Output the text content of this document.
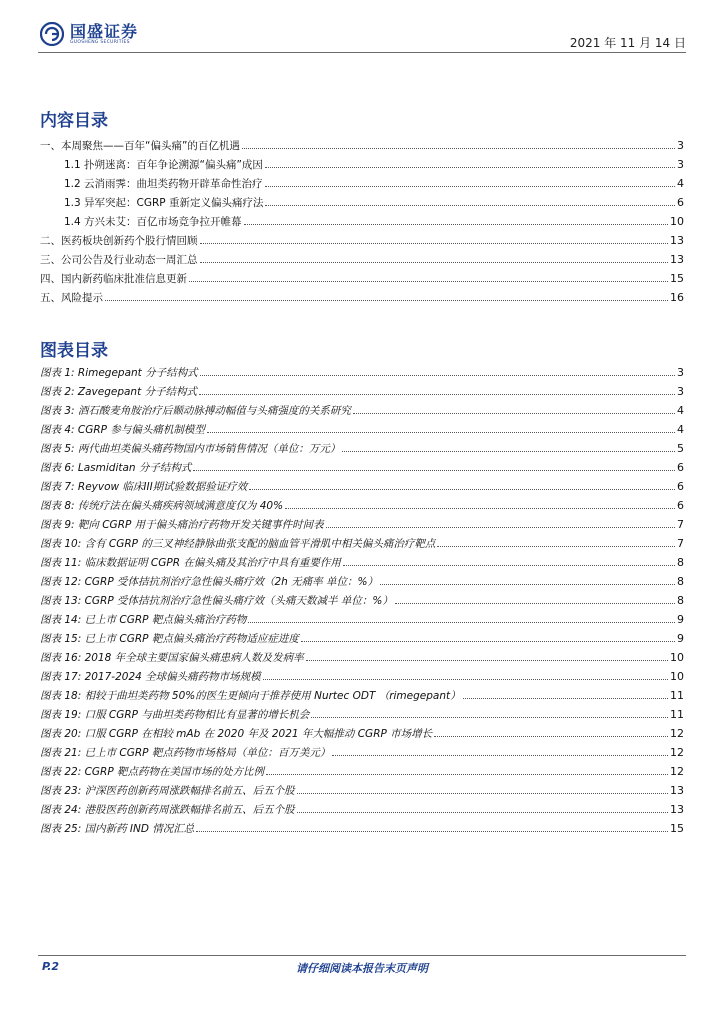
国盛证券
GUOSHENG SECURITIES	2021 年 11 月 14 日
内容目录
一、本周聚焦——百年“偏头痛”的百亿机遇	3
1.1 扑朔迷离：百年争论溯源“偏头痛”成因	3
1.2 云消雨霁：曲坦类药物开辟革命性治疗	4
1.3 异军突起：CGRP 重新定义偏头痛疗法	6
1.4 方兴未艾：百亿市场竞争拉开帷幕	10
二、医药板块创新药个股行情回顾	13
三、公司公告及行业动态一周汇总	13
四、国内新药临床批准信息更新	15
五、风险提示	16
图表目录
图表 1: Rimegepant 分子结构式	3
图表 2: Zavegepant 分子结构式	3
图表 3: 酒石酸麦角胺治疗后颞动脉搏动幅值与头痛强度的关系研究	4
图表 4: CGRP 参与偏头痛机制模型	4
图表 5: 两代曲坦类偏头痛药物国内市场销售情况（单位：万元）	5
图表 6: Lasmiditan 分子结构式	6
图表 7: Reyvow 临床III期试验数据验证疗效	6
图表 8: 传统疗法在偏头痛疾病领域满意度仅为 40%	6
图表 9: 靶向 CGRP 用于偏头痛治疗药物开发关键事件时间表	7
图表 10: 含有 CGRP 的三叉神经静脉曲张支配的脑血管平滑肌中相关偏头痛治疗靶点	7
图表 11: 临床数据证明 CGPR 在偏头痛及其治疗中具有重要作用	8
图表 12: CGRP 受体拮抗剂治疗急性偏头痛疗效（2h 无痛率 单位：%）	8
图表 13: CGRP 受体拮抗剂治疗急性偏头痛疗效（头痛天数减半 单位：%）	8
图表 14: 已上市 CGRP 靶点偏头痛治疗药物	9
图表 15: 已上市 CGRP 靶点偏头痛治疗药物适应症进度	9
图表 16: 2018 年全球主要国家偏头痛患病人数及发病率	10
图表 17: 2017-2024 全球偏头痛药物市场规模	10
图表 18: 相较于曲坦类药物 50%的医生更倾向于推荐使用 Nurtec ODT （rimegepant）	11
图表 19: 口服 CGRP 与曲坦类药物相比有显著的增长机会	11
图表 20: 口服 CGRP 在相较 mAb 在 2020 年及 2021 年大幅推动 CGRP 市场增长	12
图表 21: 已上市 CGRP 靶点药物市场格局（单位：百万美元）	12
图表 22: CGRP 靶点药物在美国市场的处方比例	12
图表 23: 沪深医药创新药周涨跌幅排名前五、后五个股	13
图表 24: 港股医药创新药周涨跌幅排名前五、后五个股	13
图表 25: 国内新药 IND 情况汇总	15
P.2	请仔细阅读本报告末页声明
